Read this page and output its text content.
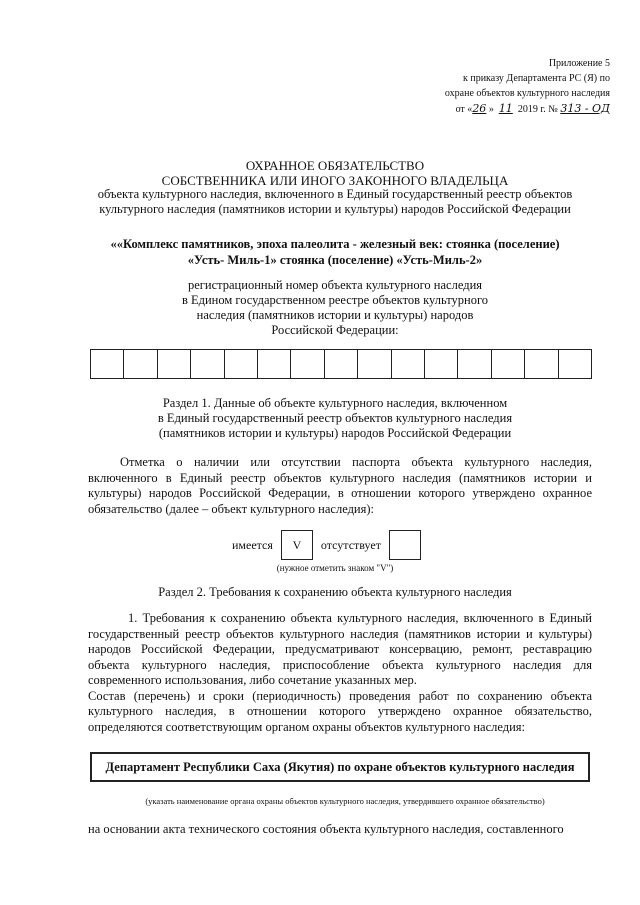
Приложение 5
к приказу Департамента РС (Я) по
охране объектов культурного наследия
от «26 » 11 2019 г. № 313 - ОД
ОХРАННОЕ ОБЯЗАТЕЛЬСТВО
СОБСТВЕННИКА ИЛИ ИНОГО ЗАКОННОГО ВЛАДЕЛЬЦА
объекта культурного наследия, включенного в Единый государственный реестр объектов
культурного наследия (памятников истории и культуры) народов Российской Федерации
««Комплекс памятников, эпоха палеолита - железный век: стоянка (поселение)
«Усть- Миль-1» стоянка (поселение) «Усть-Миль-2»
регистрационный номер объекта культурного наследия
в Едином государственном реестре объектов культурного
наследия (памятников истории и культуры) народов
Российской Федерации:
Раздел 1. Данные об объекте культурного наследия, включенном
в Единый государственный реестр объектов культурного наследия
(памятников истории и культуры) народов Российской Федерации
Отметка о наличии или отсутствии паспорта объекта культурного наследия, включенного в Единый реестр объектов культурного наследия (памятников истории и культуры) народов Российской Федерации, в отношении которого утверждено охранное обязательство (далее – объект культурного наследия):
имеется	V	отсутствует
(нужное отметить знаком "V")
Раздел 2. Требования к сохранению объекта культурного наследия
1. Требования к сохранению объекта культурного наследия, включенного в Единый государственный реестр объектов культурного наследия (памятников истории и культуры) народов Российской Федерации, предусматривают консервацию, ремонт, реставрацию объекта культурного наследия, приспособление объекта культурного наследия для современного использования, либо сочетание указанных мер.
Состав (перечень) и сроки (периодичность) проведения работ по сохранению объекта культурного наследия, в отношении которого утверждено охранное обязательство, определяются соответствующим органом охраны объектов культурного наследия:
Департамент Республики Саха (Якутия) по охране объектов культурного наследия
(указать наименование органа охраны объектов культурного наследия, утвердившего охранное обязательство)
на основании акта технического состояния объекта культурного наследия, составленного
